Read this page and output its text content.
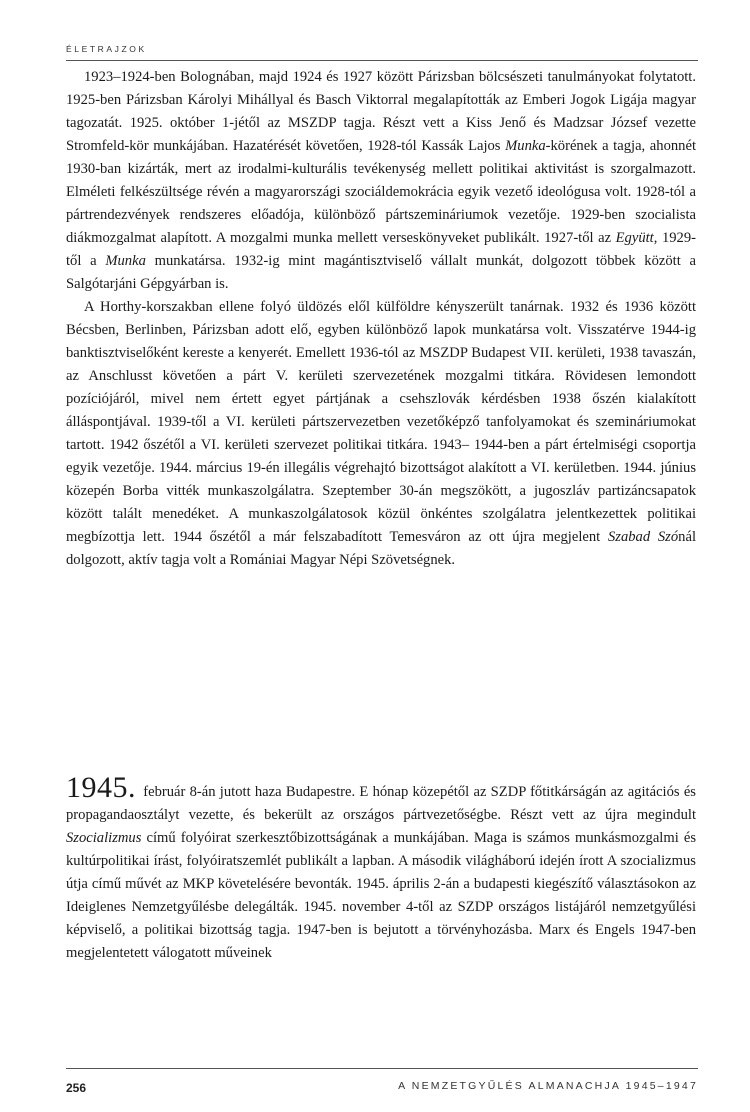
ÉLETRAJZOK

1923–1924-ben Bolognában, majd 1924 és 1927 között Párizsban bölcsészeti tanulmányokat folytatott. 1925-ben Párizsban Károlyi Mihállyal és Basch Viktorral megalapították az Emberi Jogok Ligája magyar tagozatát. 1925. október 1-jétől az MSZDP tagja. Részt vett a Kiss Jenő és Madzsar József vezette Stromfeld-kör munkájában. Hazatérését követően, 1928-tól Kassák Lajos Munka-körének a tagja, ahonnét 1930-ban kizárták, mert az irodalmi-kulturális tevékenység mellett politikai aktivitást is szorgalmazott. Elméleti felkészültsége révén a magyarországi szociáldemokrácia egyik vezető ideológusa volt. 1928-tól a pártrendezvények rendszeres előadója, különböző pártszemináriumok vezetője. 1929-ben szocialista diákmozgalmat alapított. A mozgalmi munka mellett verseskönyveket publikált. 1927-től az Együtt, 1929-től a Munka munkatársa. 1932-ig mint magántisztviselő vállalt munkát, dolgozott többek között a Salgótarjáni Gépgyárban is.

A Horthy-korszakban ellene folyó üldözés elől külföldre kényszerült tanárnak. 1932 és 1936 között Bécsben, Berlinben, Párizsban adott elő, egyben különböző lapok munkatársa volt. Visszatérve 1944-ig banktisztviselőként kereste a kenyerét. Emellett 1936-tól az MSZDP Budapest VII. kerületi, 1938 tavaszán, az Anschlusst követően a párt V. kerületi szervezetének mozgalmi titkára. Rövidesen lemondott pozíciójáról, mivel nem értett egyet pártjának a csehszlovák kérdésben 1938 őszén kialakított álláspontjával. 1939-től a VI. kerületi pártszervezetben vezetőképző tanfolyamokat és szemináriumokat tartott. 1942 őszétől a VI. kerületi szervezet politikai titkára. 1943– 1944-ben a párt értelmiségi csoportja egyik vezetője. 1944. március 19-én illegális végrehajtó bizottságot alakított a VI. kerületben. 1944. június közepén Borba vitték munkaszolgálatra. Szeptember 30-án megszökött, a jugoszláv partizáncsapatok között talált menedéket. A munkaszolgálatosok közül önkéntes szolgálatra jelentkezettek politikai megbízottja lett. 1944 őszétől a már felszabadított Temesváron az ott újra megjelent Szabad Szónál dolgozott, aktív tagja volt a Romániai Magyar Népi Szövetségnek.

1945. február 8-án jutott haza Budapestre. E hónap közepétől az SZDP főtitkárságán az agitációs és propagandaosztályt vezette, és bekerült az országos pártvezetőségbe. Részt vett az újra megindult Szocializmus című folyóirat szerkesztőbizottságának a munkájában. Maga is számos munkásmozgalmi és kultúrpolitikai írást, folyóiratszemlét publikált a lapban. A második világháború idején írott A szocializmus útja című művét az MKP követelésére bevonták. 1945. április 2-án a budapesti kiegészítő választásokon az Ideiglenes Nemzetgyűlésbe delegálták. 1945. november 4-től az SZDP országos listájáról nemzetgyűlési képviselő, a politikai bizottság tagja. 1947-ben is bejutott a törvényhozásba. Marx és Engels 1947-ben megjelentetett válogatott műveinek

256	A NEMZETGYŰLÉS ALMANACHJA 1945–1947
